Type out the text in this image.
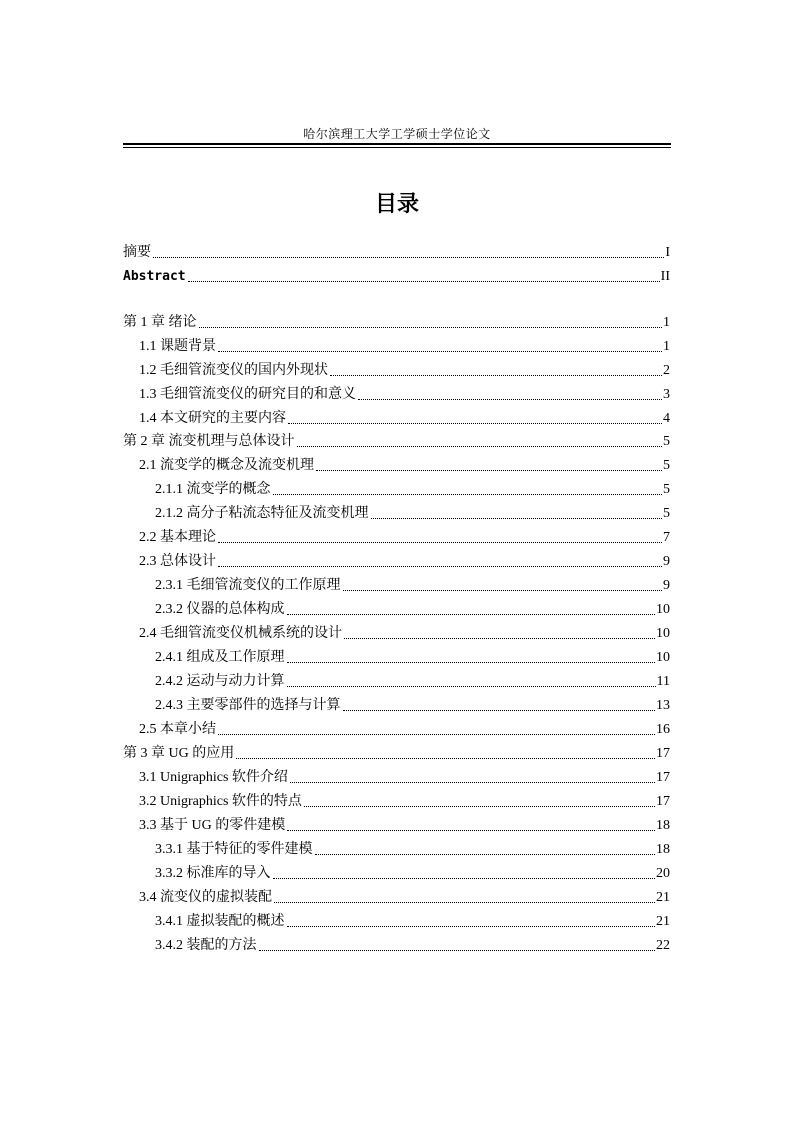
哈尔滨理工大学工学硕士学位论文
目录
摘要	I
Abstract	II
第 1 章 绪论	1
1.1 课题背景	1
1.2 毛细管流变仪的国内外现状	2
1.3 毛细管流变仪的研究目的和意义	3
1.4 本文研究的主要内容	4
第 2 章 流变机理与总体设计	5
2.1 流变学的概念及流变机理	5
2.1.1 流变学的概念	5
2.1.2 高分子粘流态特征及流变机理	5
2.2 基本理论	7
2.3 总体设计	9
2.3.1 毛细管流变仪的工作原理	9
2.3.2 仪器的总体构成	10
2.4 毛细管流变仪机械系统的设计	10
2.4.1 组成及工作原理	10
2.4.2 运动与动力计算	11
2.4.3 主要零部件的选择与计算	13
2.5 本章小结	16
第 3 章 UG 的应用	17
3.1 Unigraphics 软件介绍	17
3.2 Unigraphics 软件的特点	17
3.3 基于 UG 的零件建模	18
3.3.1 基于特征的零件建模	18
3.3.2 标准库的导入	20
3.4 流变仪的虚拟装配	21
3.4.1 虚拟装配的概述	21
3.4.2 装配的方法	22
